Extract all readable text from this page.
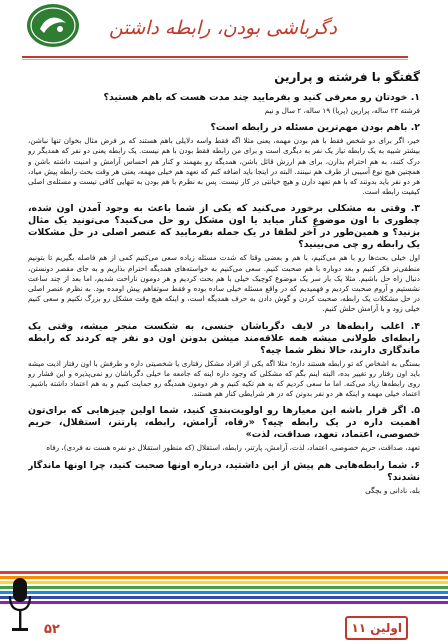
دگرباشی بودن، رابطه داشتن
گفتگو با فرشته و پرارین
۱. خودتان رو معرفی کنید و بفرمایید چند مدت هست که باهم هستید؟
فرشته ۲۳ ساله، پرارین (پریا) ۱۹ ساله، ۲ سال و نیم
۲. باهم بودن مهم‌ترین مسئله در رابطه است؟
خیر، اگر برای دو شخص فقط با هم بودن مهمه، یعنی مثلا اگه فقط واسه دلایلی باهم هستند که بر فرض مثال بخوان تنها نباشن، بیشتر شبیه به یک رابطه نیاز یک نفر به دیگری است و برای من رابطه فقط بودن با هم نیست. یک رابطه یعنی دو نفر که همدیگر رو درک کنند، به هم احترام بذارن، برای هم ارزش قائل باشن، همدیگه رو بفهمند و کنار هم احساس آرامش و امنیت داشته باشن و همچنین هیچ نوع آسیبی از طرف هم نبینند. البته در اینجا باید اضافه کنم که تعهد هم خیلی مهمه، یعنی هر وقت بحث رابطه پیش میاد، هر دو نفر باید بدونند که با هم تعهد دارن و هیچ خیانتی در کار نیست. پس به نظرم با هم بودن به تنهایی کافی نیست و مسئله‌ی اصلی کیفیت رابطه است.
۳. وقتی به مشکلی برخورد می‌کنید که یکی از شما باعث به وجود آمدن اون شده، چطوری با اون موضوع کنار میاید یا اون مشکل رو حل می‌کنید؟ می‌تونید یک مثال بزنید؟ و همین‌طور در آخر لطفا در یک جمله بفرمایید که عنصر اصلی در حل مشکلات یک رابطه رو چی می‌بینید؟
اول خیلی بحث‌ها رو با هم می‌کنیم، با هم و بعضی وقتا که شدت مسئله زیاده سعی می‌کنیم کمی از هم فاصله بگیریم تا بتونیم منطقی‌تر فکر کنیم و بعد دوباره با هم صحبت کنیم. سعی می‌کنیم به خواسته‌های همدیگه احترام بذاریم و به جای مقصر دونستن، دنبال راه حل باشیم. مثلا یک بار سر یک موضوع کوچیک خیلی با هم بحث کردیم و هر دومون ناراحت شدیم، اما بعد از چند ساعت نشستیم و آروم صحبت کردیم و فهمیدیم که در واقع مسئله خیلی ساده بوده و فقط سوتفاهم پیش اومده بود. به نظرم عنصر اصلی در حل مشکلات یک رابطه، صحبت کردن و گوش دادن به حرف همدیگه است، و اینکه هیچ وقت مشکل رو بزرگ نکنیم و سعی کنیم خیلی زود و با آرامش حلش کنیم.
۴. اغلب رابطه‌ها در لایف دگرباشان جنسی، به شکست منجر میشه، وقتی یک رابطه‌ای طولانی میشه همه علاقه‌مند میشن بدونن اون دو نفر چه کردند که رابطه ماندگاری دارند، حالا نظر شما چیه؟
بستگی به اشخاص که تو رابطه هستند داره؛ مثلا اگه یکی از افراد مشکل رفتاری یا شخصیتی داره و طرفش با اون رفتار اذیت میشه باید اون رفتار رو تغییر بده، البته اینم بگم که مشکلی که وجود داره اینه که جامعه ما خیلی دگرباشان رو نمی‌پذیره و این فشار رو روی رابطه‌ها زیاد می‌کنه. اما ما سعی کردیم که به هم تکیه کنیم و هر دومون همدیگه رو حمایت کنیم و به هم اعتماد داشته باشیم. اعتماد خیلی مهمه و اینکه هر دو نفر بدونن که در هر شرایطی کنار هم هستند.
۵. اگر قرار باشه این معیارها رو اولویت‌بندی کنید، شما اولین چیزهایی که برای‌تون اهمیت داره در یک رابطه چیه؟ «رفاه، آرامش، رابطه، پارتنر، استقلال، حریم خصوصی، اعتماد، تعهد، صداقت، لذت»
تعهد، صداقت، حریم خصوصی، اعتماد، لذت، آرامش، پارتنر، رابطه، استقلال (که منظور استقلال دو نفره هست نه فردی)، رفاه
۶. شما رابطه‌هایی هم پیش از این داشتید، درباره اونها صحبت کنید، چرا اونها ماندگار نشدند؟
بله، نادانی و بچگی
۵۲	اولین ۱۱
